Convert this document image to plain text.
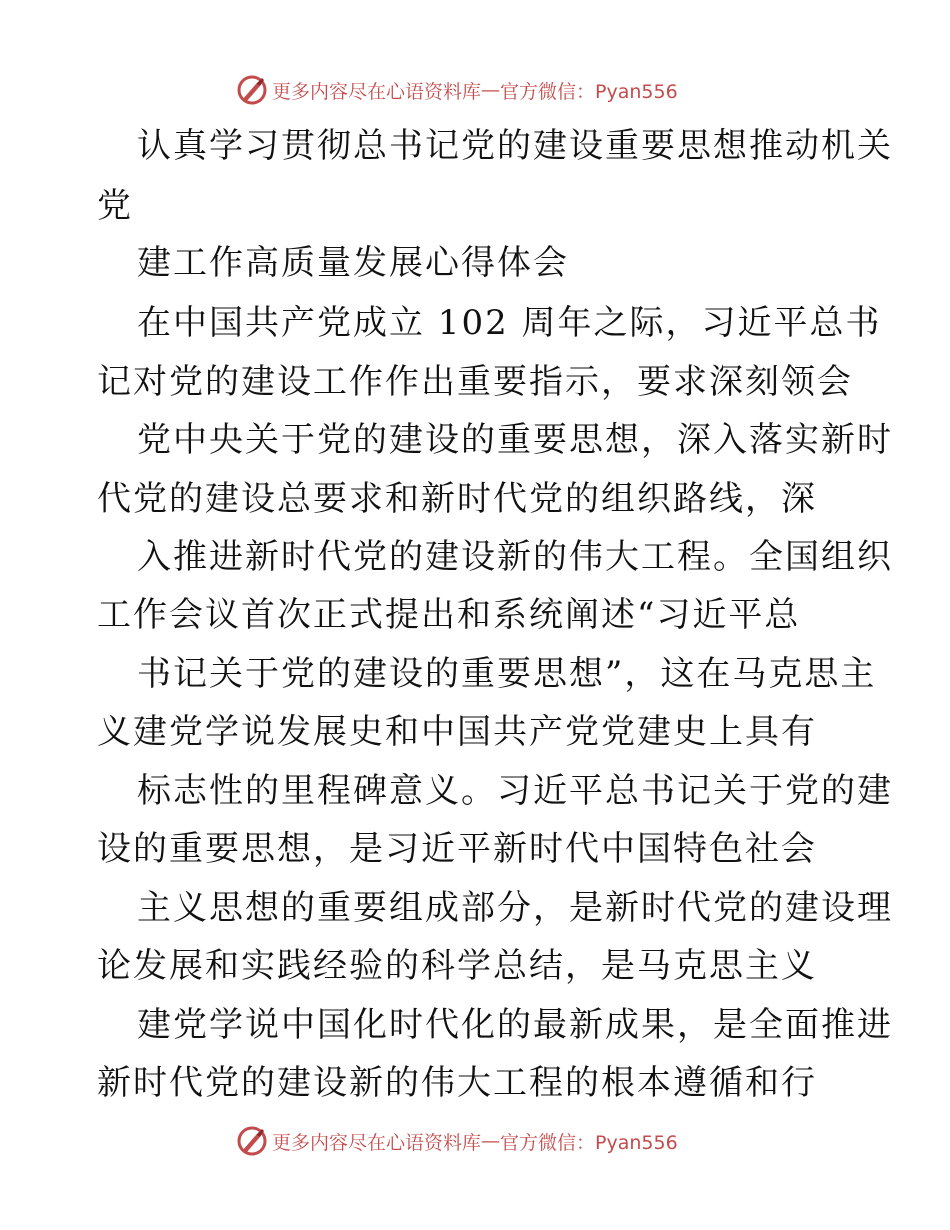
更多内容尽在心语资料库 — 官方微信：Pyan556
认真学习贯彻总书记党的建设重要思想推动机关
党
建工作高质量发展心得体会
在中国共产党成立 102 周年之际，习近平总书
记对党的建设工作作出重要指示，要求深刻领会
党中央关于党的建设的重要思想，深入落实新时
代党的建设总要求和新时代党的组织路线，深
入推进新时代党的建设新的伟大工程。全国组织
工作会议首次正式提出和系统阐述“习近平总
书记关于党的建设的重要思想”，这在马克思主
义建党学说发展史和中国共产党党建史上具有
标志性的里程碑意义。习近平总书记关于党的建
设的重要思想，是习近平新时代中国特色社会
主义思想的重要组成部分，是新时代党的建设理
论发展和实践经验的科学总结，是马克思主义
建党学说中国化时代化的最新成果，是全面推进
新时代党的建设新的伟大工程的根本遵循和行
更多内容尽在心语资料库 — 官方微信：Pyan556
